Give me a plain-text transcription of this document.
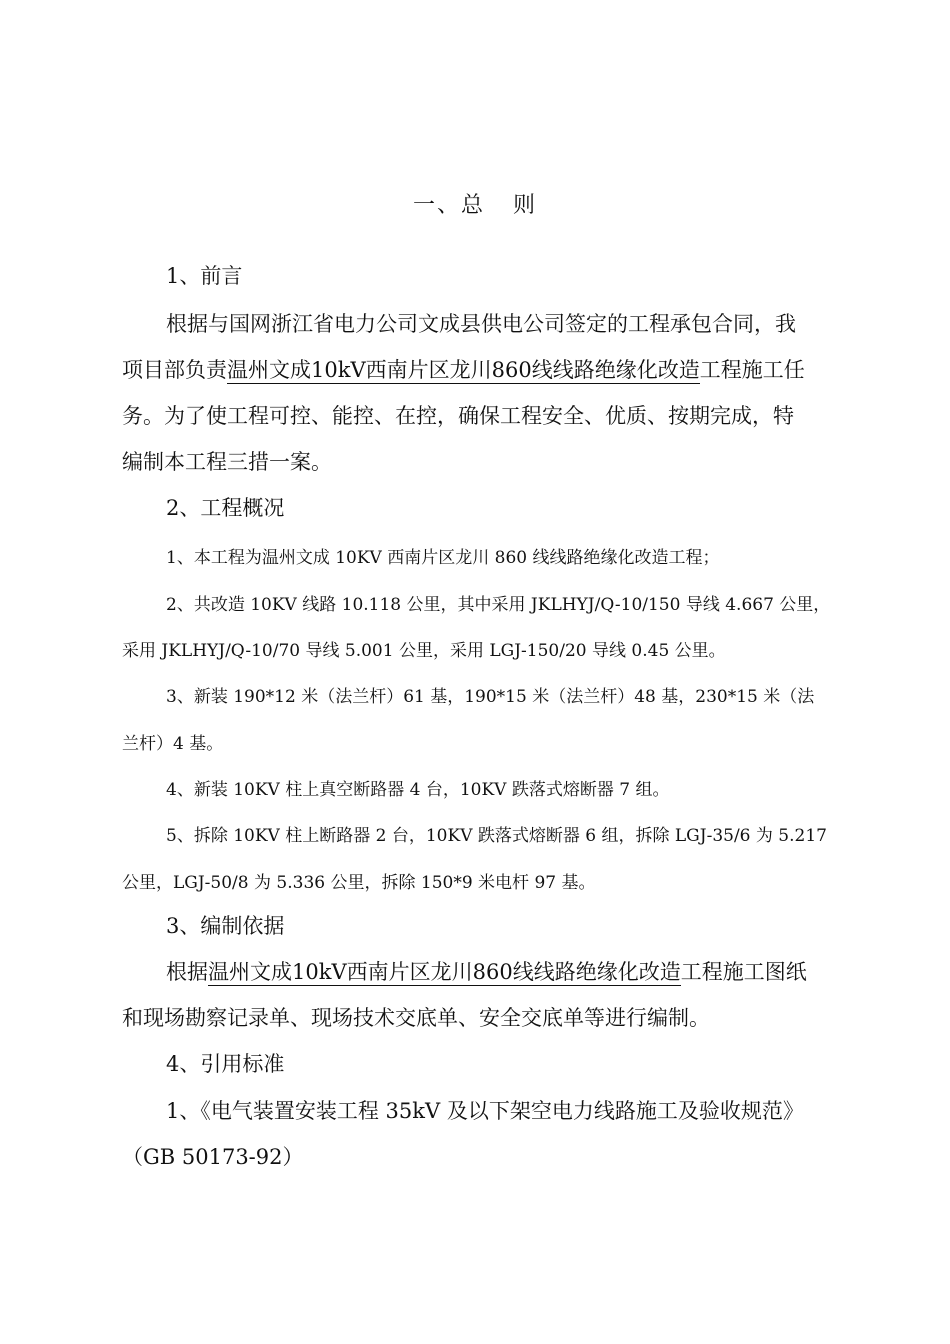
一、总 则
1、前言
根据与国网浙江省电力公司文成县供电公司签定的工程承包合同，我
项目部负责温州文成10kV西南片区龙川860线线路绝缘化改造工程施工任
务。为了使工程可控、能控、在控，确保工程安全、优质、按期完成，特
编制本工程三措一案。
2、工程概况
1、本工程为温州文成 10KV 西南片区龙川 860 线线路绝缘化改造工程；
2、共改造 10KV 线路 10.118 公里，其中采用 JKLHYJ/Q-10/150 导线 4.667 公里，
采用 JKLHYJ/Q-10/70 导线 5.001 公里，采用 LGJ-150/20 导线 0.45 公里。
3、新装 190*12 米（法兰杆）61 基，190*15 米（法兰杆）48 基，230*15 米（法
兰杆）4 基。
4、新装 10KV 柱上真空断路器 4 台，10KV 跌落式熔断器 7 组。
5、拆除 10KV 柱上断路器 2 台，10KV 跌落式熔断器 6 组，拆除 LGJ-35/6 为 5.217
公里，LGJ-50/8 为 5.336 公里，拆除 150*9 米电杆 97 基。
3、编制依据
根据温州文成10kV西南片区龙川860线线路绝缘化改造工程施工图纸
和现场勘察记录单、现场技术交底单、安全交底单等进行编制。
4、引用标准
1、《电气装置安装工程 35kV 及以下架空电力线路施工及验收规范》
（GB 50173-92）
